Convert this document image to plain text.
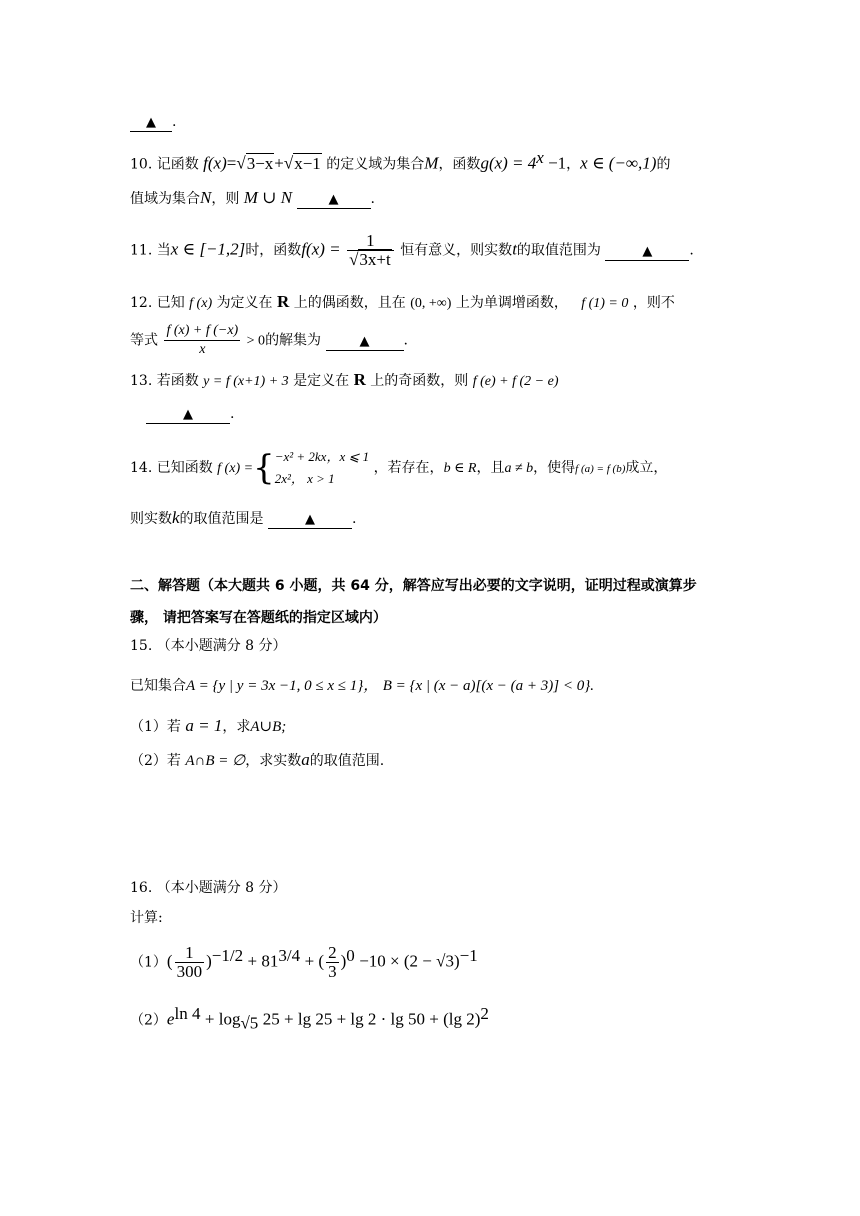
▲ .
10. 记函数 f(x)=√3−x+√x−1 的定义域为集合M，函数$g(x) = 4^x -1$，x ∈ (−∞,1)的
值域为集合N，则 M ∪ N	▲ .
11. 当x ∈ [−1,2]时，函数$f(x) = \frac{1}{√3x+t}$ 恒有意义，则实数t的取值范围为	▲	.
12. 已知 f (x) 为定义在 R 上的偶函数，且在 (0, +∞) 上为单调增函数， f (1) = 0 ，则不
等式 $\frac{f (x) + f (-x)}{x} > 0$的解集为	▲ .
13. 若函数 y = f (x+1) + 3 是定义在 R 上的奇函数，则 f (e) + f (2 − e)
▲	.
14. 已知函数 f (x) ={ −x² + 2kx，x ⩽ 1
2x²， x > 1
，若存在，b ∈ R，且a ≠ b，使得f (a) = f (b)成立，
则实数k的取值范围是	▲	.
二、解答题（本大题共 6 小题，共 64 分，解答应写出必要的文字说明，证明过程或演算步
骤， 请把答案写在答题纸的指定区域内）
15. （本小题满分 8 分）
已知集合A = {y | y = 3x −1, 0 ≤ x ≤ 1}， B = {x | (x − a)[(x − (a + 3)] < 0}.
（1）若 a = 1，求A∪B;
（2）若 A∩B = ∅，求实数a的取值范围.
16. （本小题满分 8 分）
计算:
$(1)( \frac{1}{300} )^{-1/2} + 81^{3/4}$ + ( $\frac{2}{3} )^0 -10 \times (2 - √3)^{-1}$
$(2)e^{ln 4} + \log_{√5} 25 + \lg 25 + \lg 2 \cdot \lg 50 + (\lg$ 2)$^2$
